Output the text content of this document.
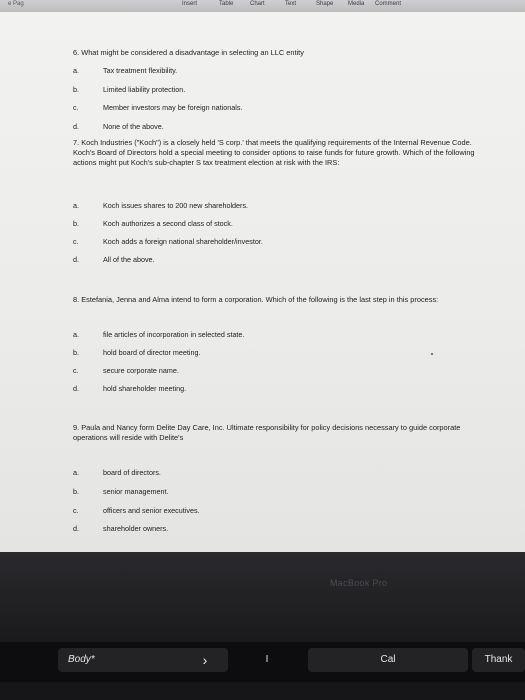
e Pag	Insert	Table	Chart	Text	Shape Media Comment
6. What might be considered a disadvantage in selecting an LLC entity
a.	Tax treatment flexibility.
b.	Limited liability protection.
c.	Member investors may be foreign nationals.
d.	None of the above.
7. Koch Industries ("Koch") is a closely held 'S corp.' that meets the qualifying requirements of the Internal Revenue Code. Koch's Board of Directors hold a special meeting to consider options to raise funds for future growth. Which of the following actions might put Koch's sub-chapter S tax treatment election at risk with the IRS:
a.	Koch issues shares to 200 new shareholders.
b.	Koch authorizes a second class of stock.
c.	Koch adds a foreign national shareholder/investor.
d.	All of the above.
8. Estefania, Jenna and Alma intend to form a corporation. Which of the following is the last step in this process:
a.	file articles of incorporation in selected state.
b.	hold board of director meeting.
c.	secure corporate name.
d.	hold shareholder meeting.
9. Paula and Nancy form Delite Day Care, Inc. Ultimate responsibility for policy decisions necessary to guide corporate operations will reside with Delite's
a.	board of directors.
b.	senior management.
c.	officers and senior executives.
d.	shareholder owners.
MacBook Pro
Body*	›	I	Cal	Thank
